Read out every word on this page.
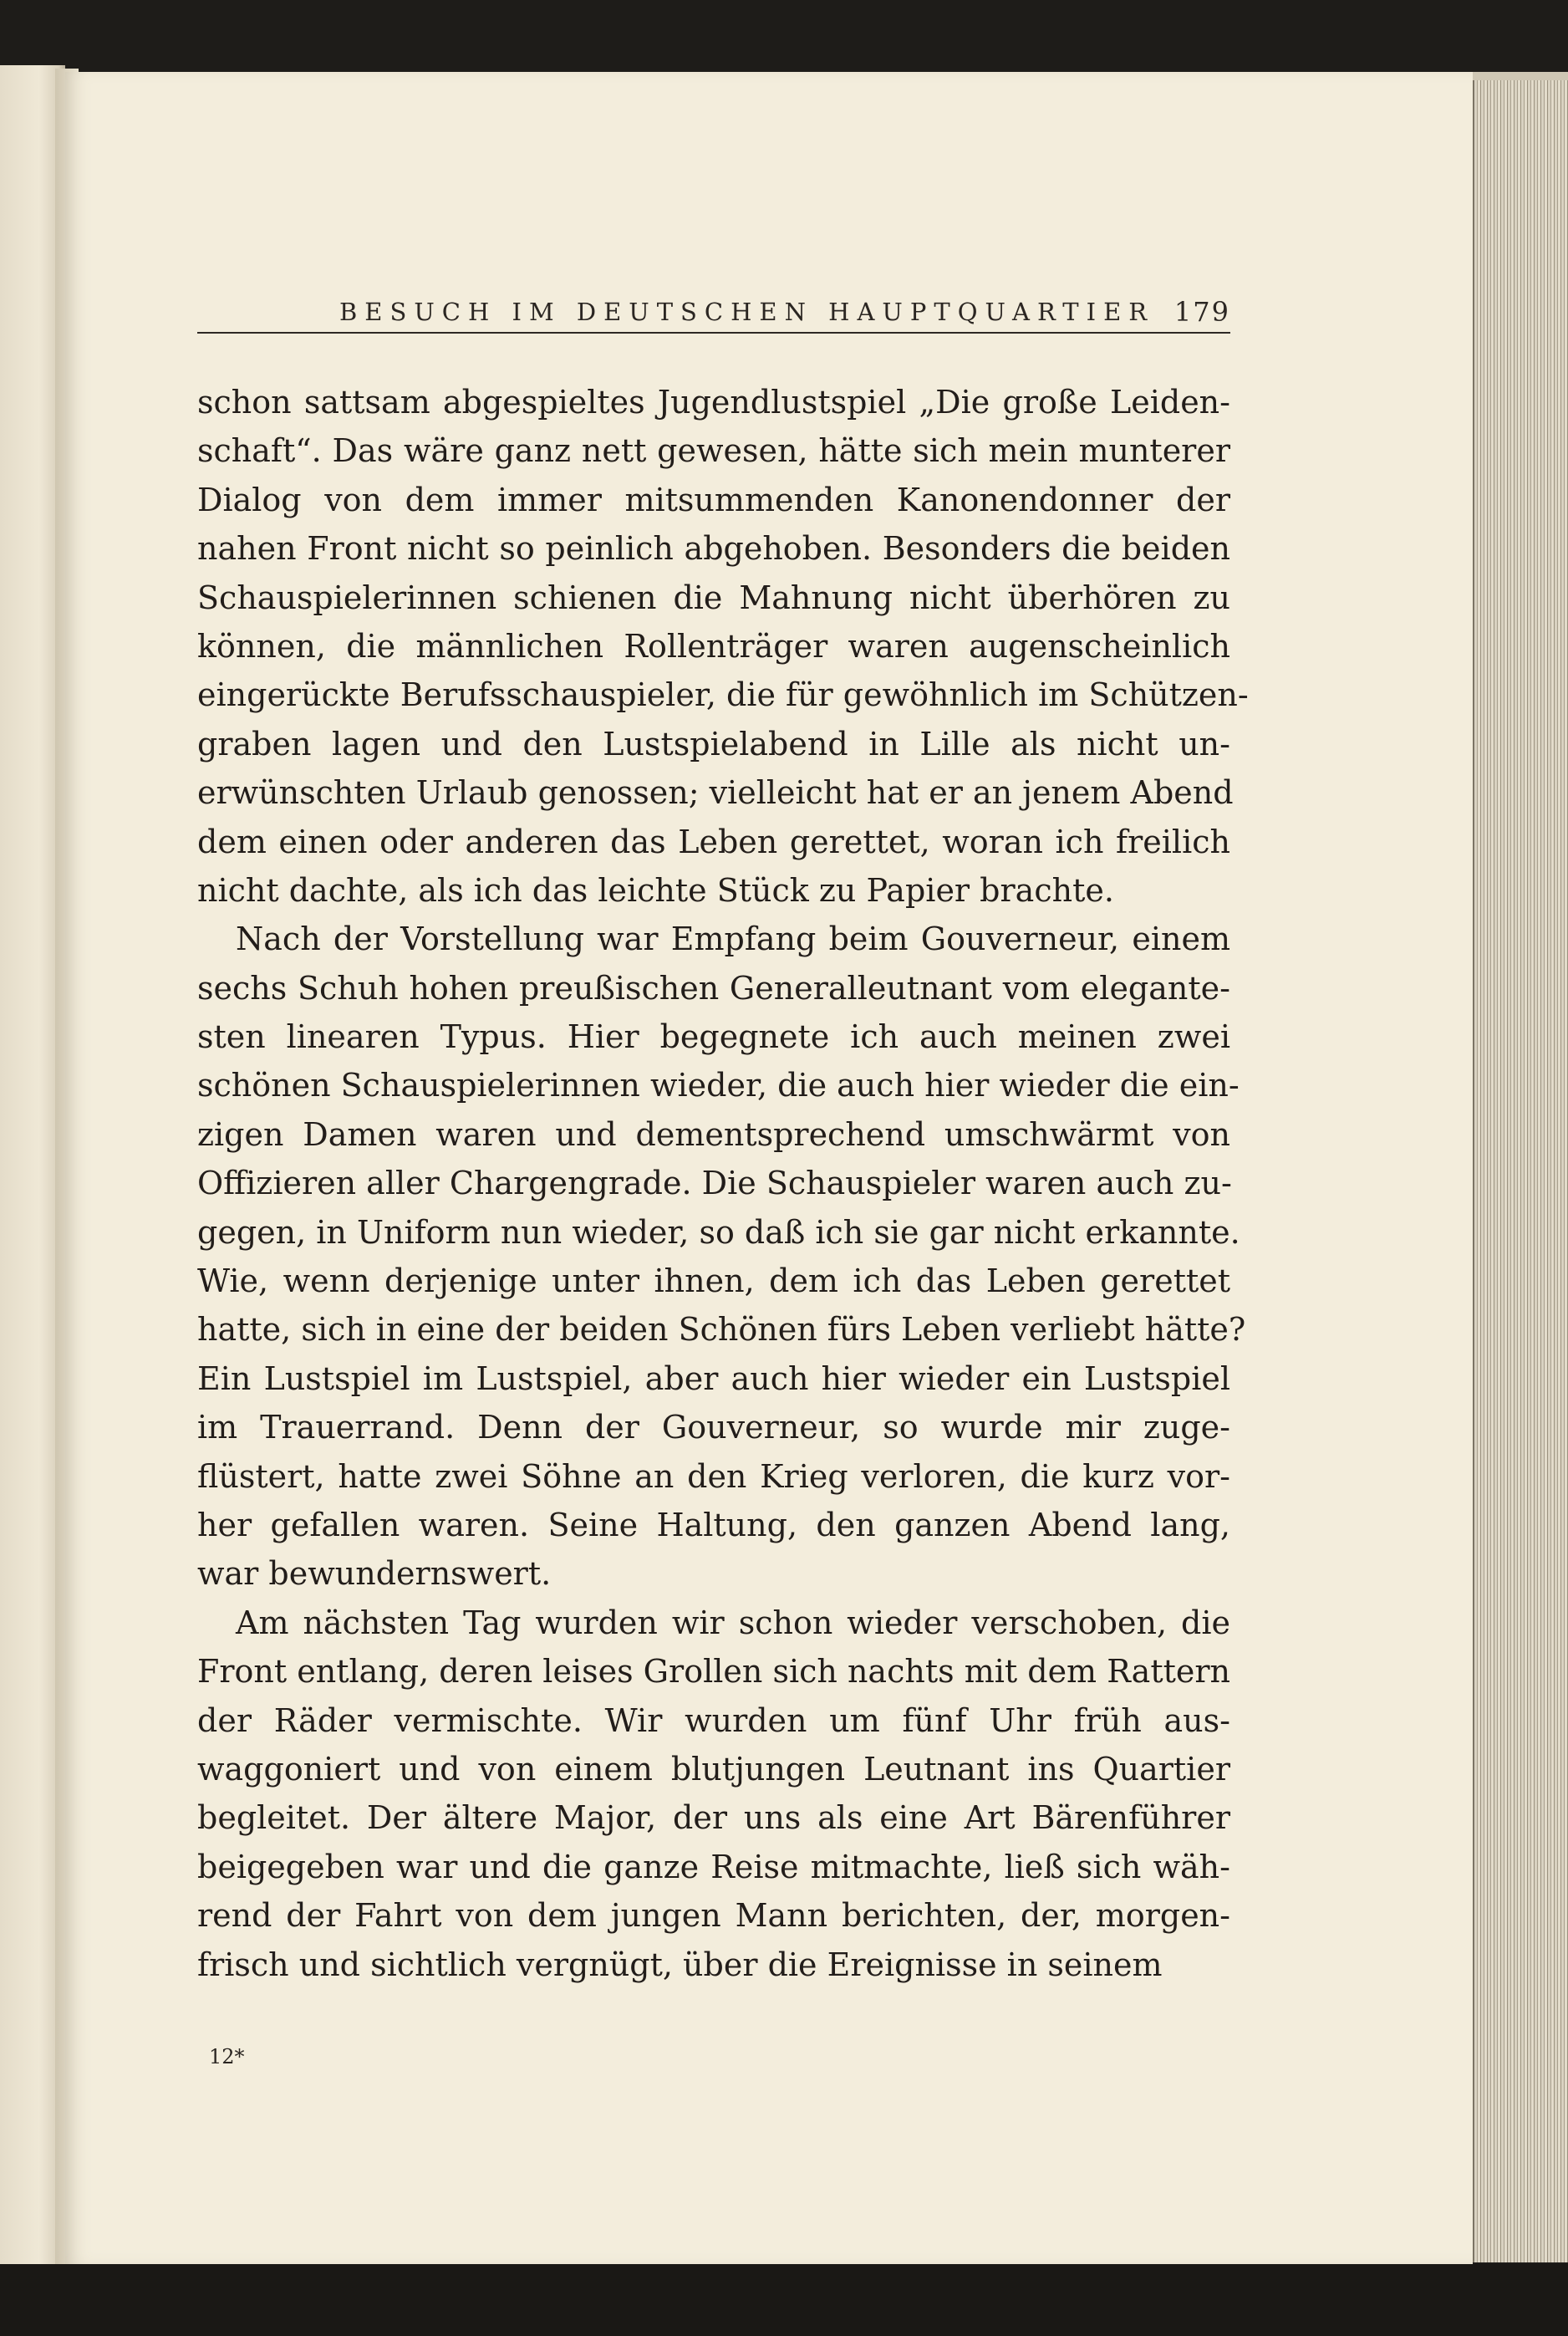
BESUCH IM DEUTSCHEN HAUPTQUARTIER 179
schon sattsam abgespieltes Jugendlustspiel „Die große Leiden-
schaft“. Das wäre ganz nett gewesen, hätte sich mein munterer
Dialog von dem immer mitsummenden Kanonendonner der
nahen Front nicht so peinlich abgehoben. Besonders die beiden
Schauspielerinnen schienen die Mahnung nicht überhören zu
können, die männlichen Rollenträger waren augenscheinlich
eingerückte Berufsschauspieler, die für gewöhnlich im Schützen-
graben lagen und den Lustspielabend in Lille als nicht un-
erwünschten Urlaub genossen; vielleicht hat er an jenem Abend
dem einen oder anderen das Leben gerettet, woran ich freilich
nicht dachte, als ich das leichte Stück zu Papier brachte.
Nach der Vorstellung war Empfang beim Gouverneur, einem
sechs Schuh hohen preußischen Generalleutnant vom elegante-
sten linearen Typus. Hier begegnete ich auch meinen zwei
schönen Schauspielerinnen wieder, die auch hier wieder die ein-
zigen Damen waren und dementsprechend umschwärmt von
Offizieren aller Chargengrade. Die Schauspieler waren auch zu-
gegen, in Uniform nun wieder, so daß ich sie gar nicht erkannte.
Wie, wenn derjenige unter ihnen, dem ich das Leben gerettet
hatte, sich in eine der beiden Schönen fürs Leben verliebt hätte?
Ein Lustspiel im Lustspiel, aber auch hier wieder ein Lustspiel
im Trauerrand. Denn der Gouverneur, so wurde mir zuge-
flüstert, hatte zwei Söhne an den Krieg verloren, die kurz vor-
her gefallen waren. Seine Haltung, den ganzen Abend lang,
war bewundernswert.
Am nächsten Tag wurden wir schon wieder verschoben, die
Front entlang, deren leises Grollen sich nachts mit dem Rattern
der Räder vermischte. Wir wurden um fünf Uhr früh aus-
waggoniert und von einem blutjungen Leutnant ins Quartier
begleitet. Der ältere Major, der uns als eine Art Bärenführer
beigegeben war und die ganze Reise mitmachte, ließ sich wäh-
rend der Fahrt von dem jungen Mann berichten, der, morgen-
frisch und sichtlich vergnügt, über die Ereignisse in seinem
12*
